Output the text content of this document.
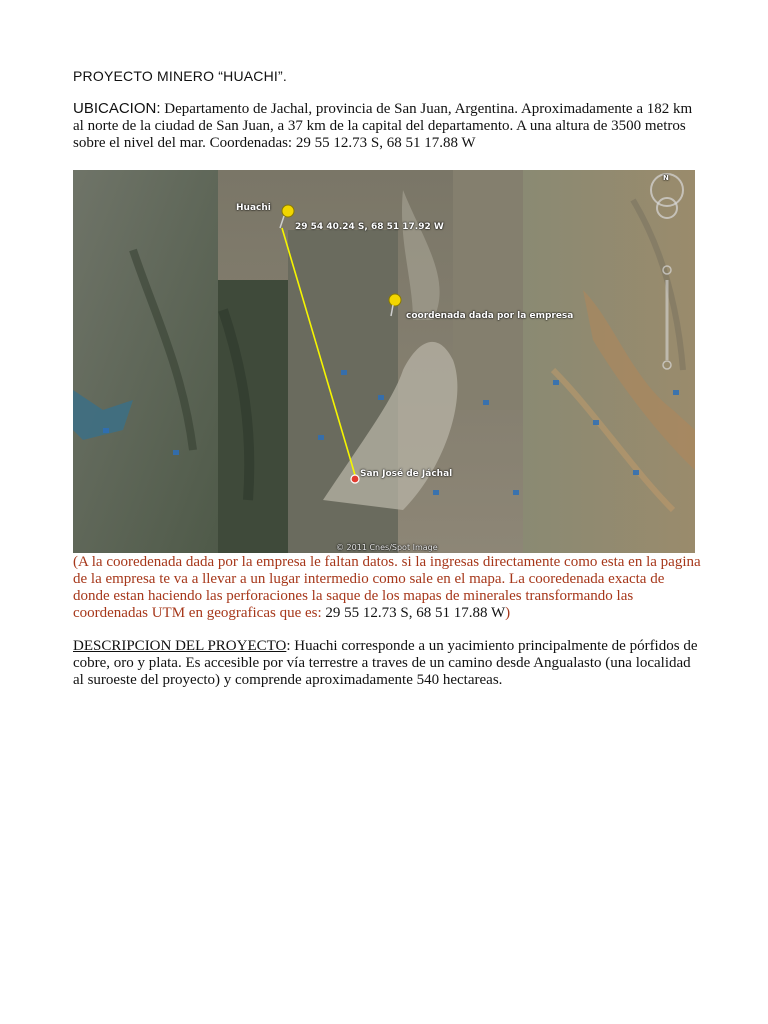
PROYECTO MINERO “HUACHI”.
UBICACION: Departamento de Jachal, provincia de San Juan, Argentina. Aproximadamente a 182 km al norte de la ciudad de San Juan, a 37 km de la capital del departamento. A una altura de 3500 metros sobre el nivel del mar. Coordenadas: 29 55 12.73 S, 68 51 17.88 W
Huachi
29 54 40.24 S, 68 51 17.92 W
coordenada dada por la empresa
San José de Jáchal
© 2011 Cnes/Spot Image
N
(A la cooredenada dada por la empresa le faltan datos. si la ingresas directamente como esta en la pagina de la empresa te va a llevar a un lugar intermedio como sale en el mapa. La cooredenada exacta de donde estan haciendo las perforaciones la saque de los mapas de minerales transformando las coordenadas UTM en geograficas que es: 29 55 12.73 S, 68 51 17.88 W)
DESCRIPCION DEL PROYECTO: Huachi corresponde a un yacimiento principalmente de pórfidos de cobre, oro y plata. Es accesible por vía terrestre a traves de un camino desde Angualasto (una localidad al suroeste del proyecto) y comprende aproximadamente 540 hectareas.
